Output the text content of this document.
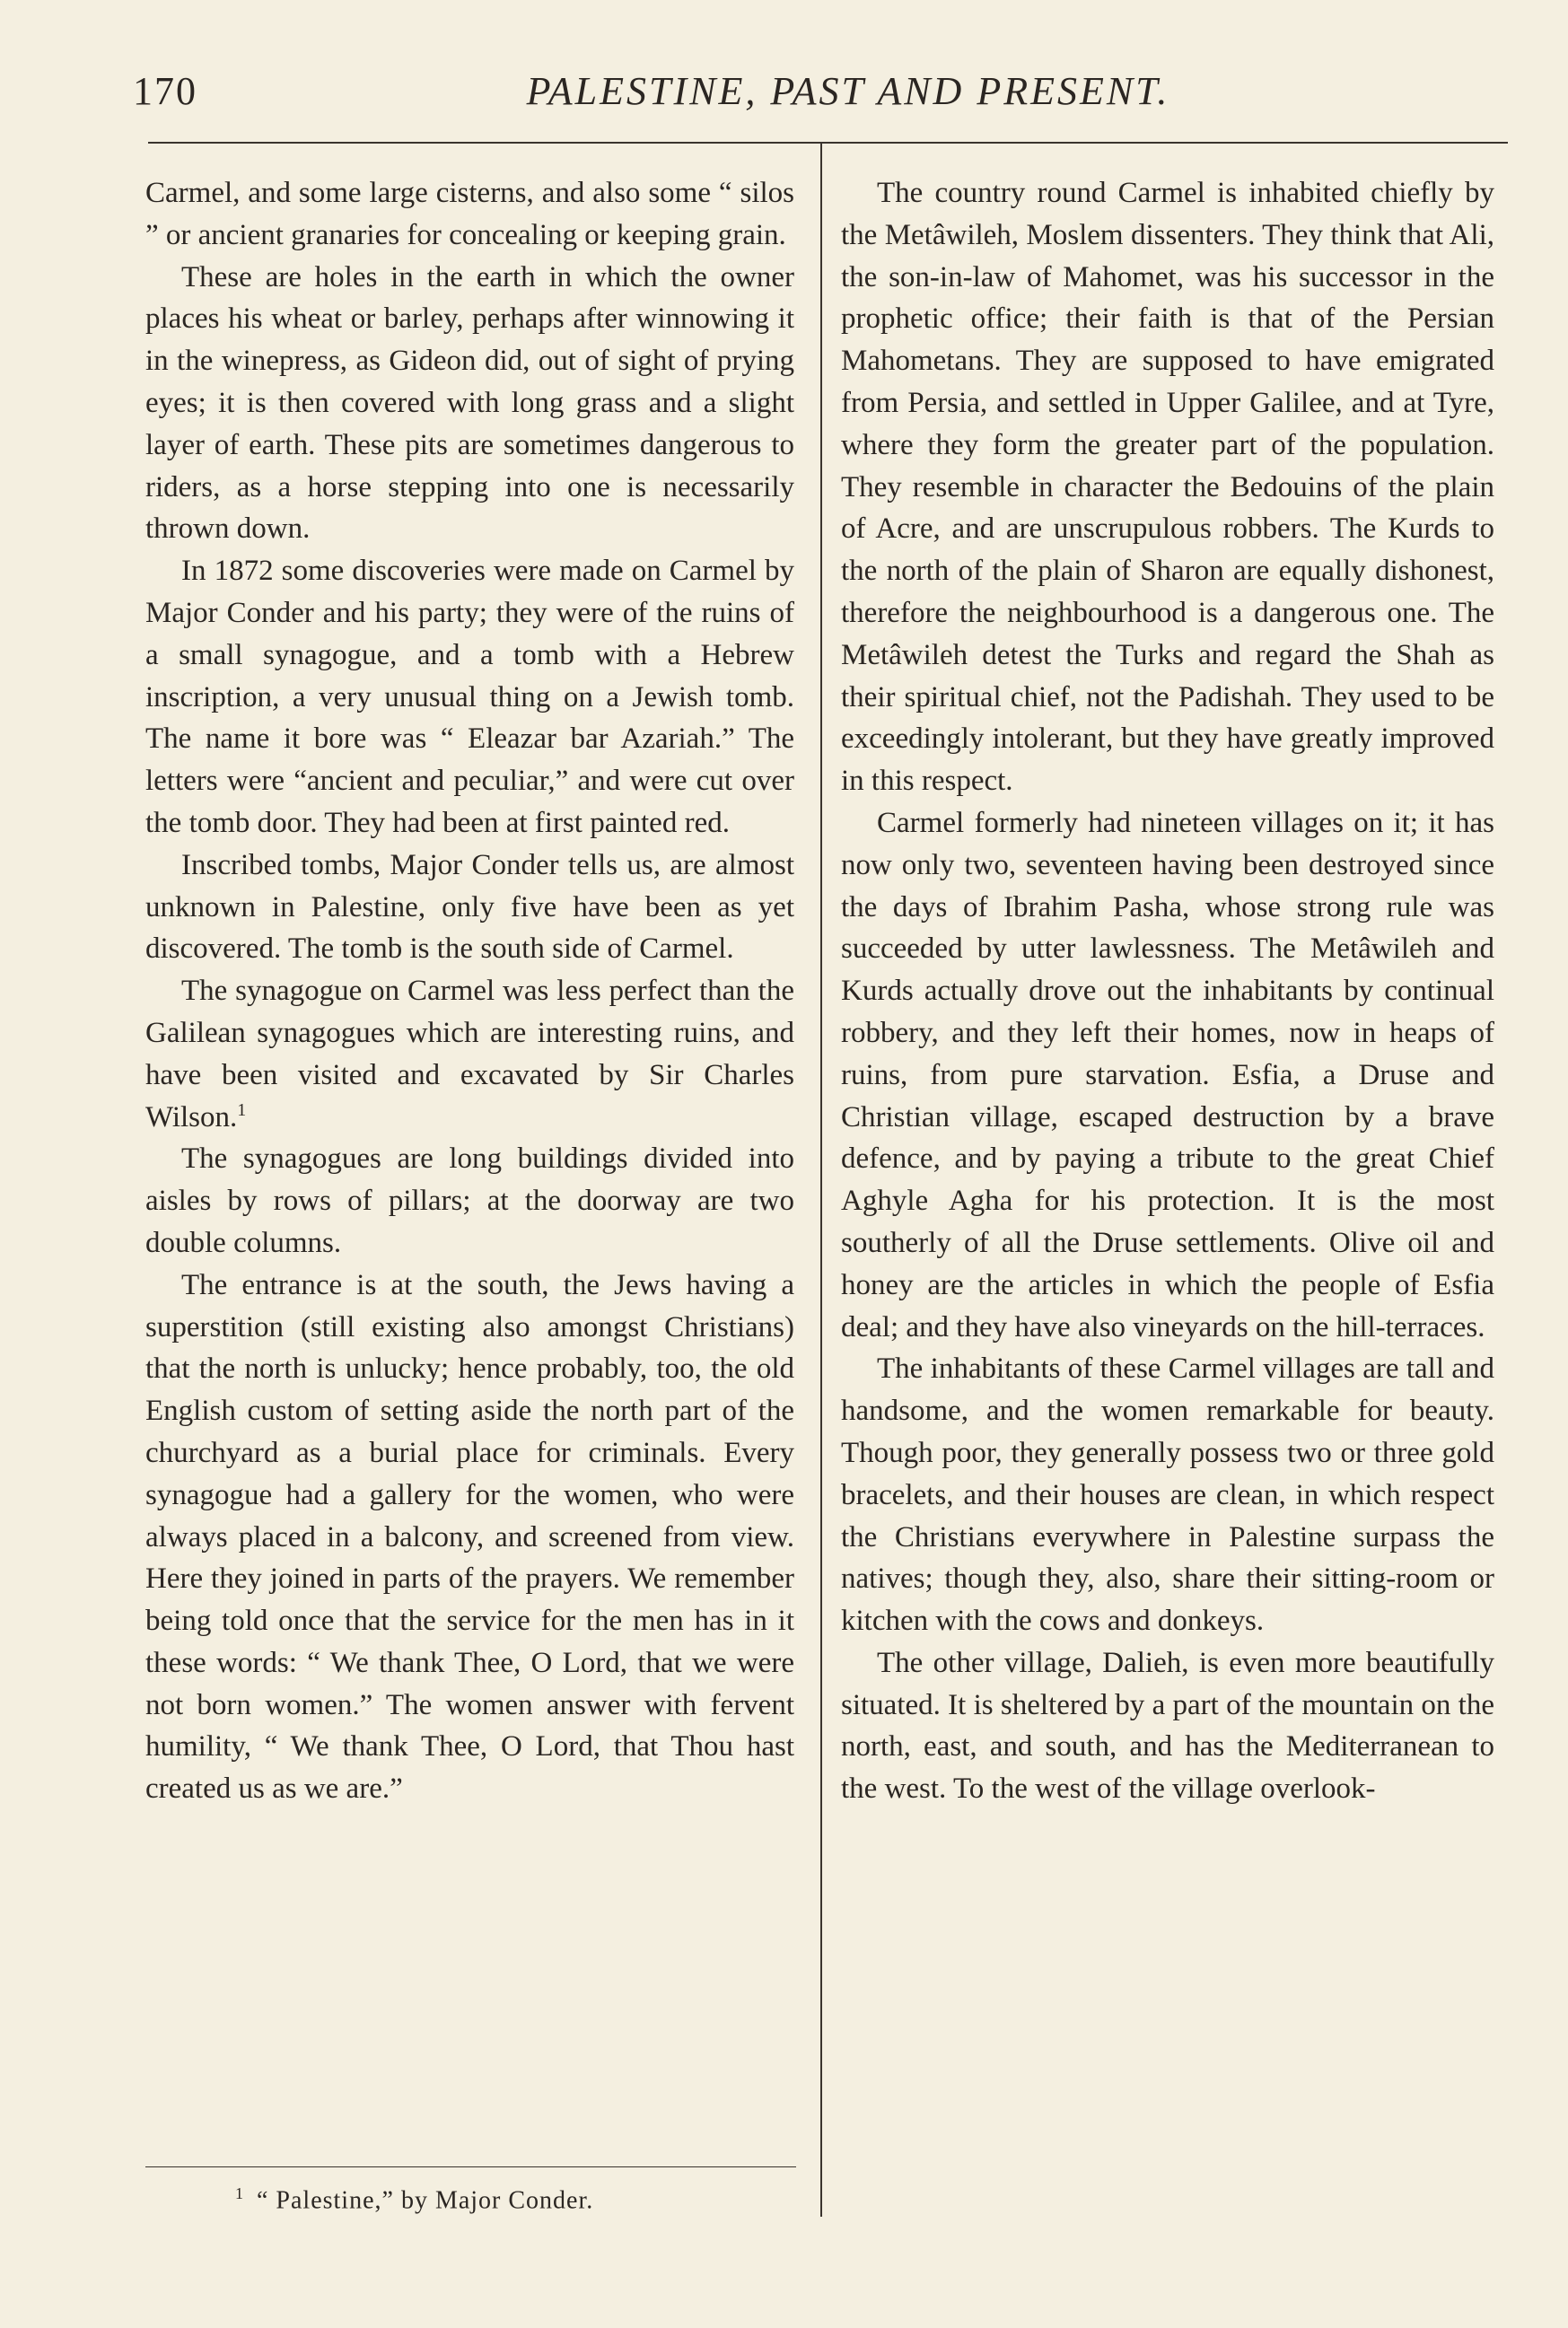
170	PALESTINE, PAST AND PRESENT.

Carmel, and some large cisterns, and also some “ silos ” or ancient granaries for concealing or keeping grain.

These are holes in the earth in which the owner places his wheat or barley, perhaps after winnowing it in the winepress, as Gideon did, out of sight of prying eyes; it is then covered with long grass and a slight layer of earth. These pits are sometimes dangerous to riders, as a horse stepping into one is necessarily thrown down.

In 1872 some discoveries were made on Carmel by Major Conder and his party; they were of the ruins of a small synagogue, and a tomb with a Hebrew inscription, a very unusual thing on a Jewish tomb. The name it bore was “ Eleazar bar Azariah.” The letters were “ancient and peculiar,” and were cut over the tomb door. They had been at first painted red.

Inscribed tombs, Major Conder tells us, are almost unknown in Palestine, only five have been as yet discovered. The tomb is the south side of Carmel.

The synagogue on Carmel was less perfect than the Galilean synagogues which are interesting ruins, and have been visited and excavated by Sir Charles Wilson.$^1$

The synagogues are long buildings divided into aisles by rows of pillars; at the doorway are two double columns.

The entrance is at the south, the Jews having a superstition (still existing also amongst Christians) that the north is unlucky; hence probably, too, the old English custom of setting aside the north part of the churchyard as a burial place for criminals. Every synagogue had a gallery for the women, who were always placed in a balcony, and screened from view. Here they joined in parts of the prayers. We remember being told once that the service for the men has in it these words: “ We thank Thee, O Lord, that we were not born women.” The women answer with fervent humility, “ We thank Thee, O Lord, that Thou hast created us as we are.”

The country round Carmel is inhabited chiefly by the Metâwileh, Moslem dissenters. They think that Ali, the son-in-law of Mahomet, was his successor in the prophetic office; their faith is that of the Persian Mahometans. They are supposed to have emigrated from Persia, and settled in Upper Galilee, and at Tyre, where they form the greater part of the population. They resemble in character the Bedouins of the plain of Acre, and are unscrupulous robbers. The Kurds to the north of the plain of Sharon are equally dishonest, therefore the neighbourhood is a dangerous one. The Metâwileh detest the Turks and regard the Shah as their spiritual chief, not the Padishah. They used to be exceedingly intolerant, but they have greatly improved in this respect.

Carmel formerly had nineteen villages on it; it has now only two, seventeen having been destroyed since the days of Ibrahim Pasha, whose strong rule was succeeded by utter lawlessness. The Metâwileh and Kurds actually drove out the inhabitants by continual robbery, and they left their homes, now in heaps of ruins, from pure starvation. Esfia, a Druse and Christian village, escaped destruction by a brave defence, and by paying a tribute to the great Chief Aghyle Agha for his protection. It is the most southerly of all the Druse settlements. Olive oil and honey are the articles in which the people of Esfia deal; and they have also vineyards on the hill-terraces.

The inhabitants of these Carmel villages are tall and handsome, and the women remarkable for beauty. Though poor, they generally possess two or three gold bracelets, and their houses are clean, in which respect the Christians everywhere in Palestine surpass the natives; though they, also, share their sitting-room or kitchen with the cows and donkeys.

The other village, Dalieh, is even more beautifully situated. It is sheltered by a part of the mountain on the north, east, and south, and has the Mediterranean to the west. To the west of the village overlook-

$^1$ “ Palestine,” by Major Conder.
